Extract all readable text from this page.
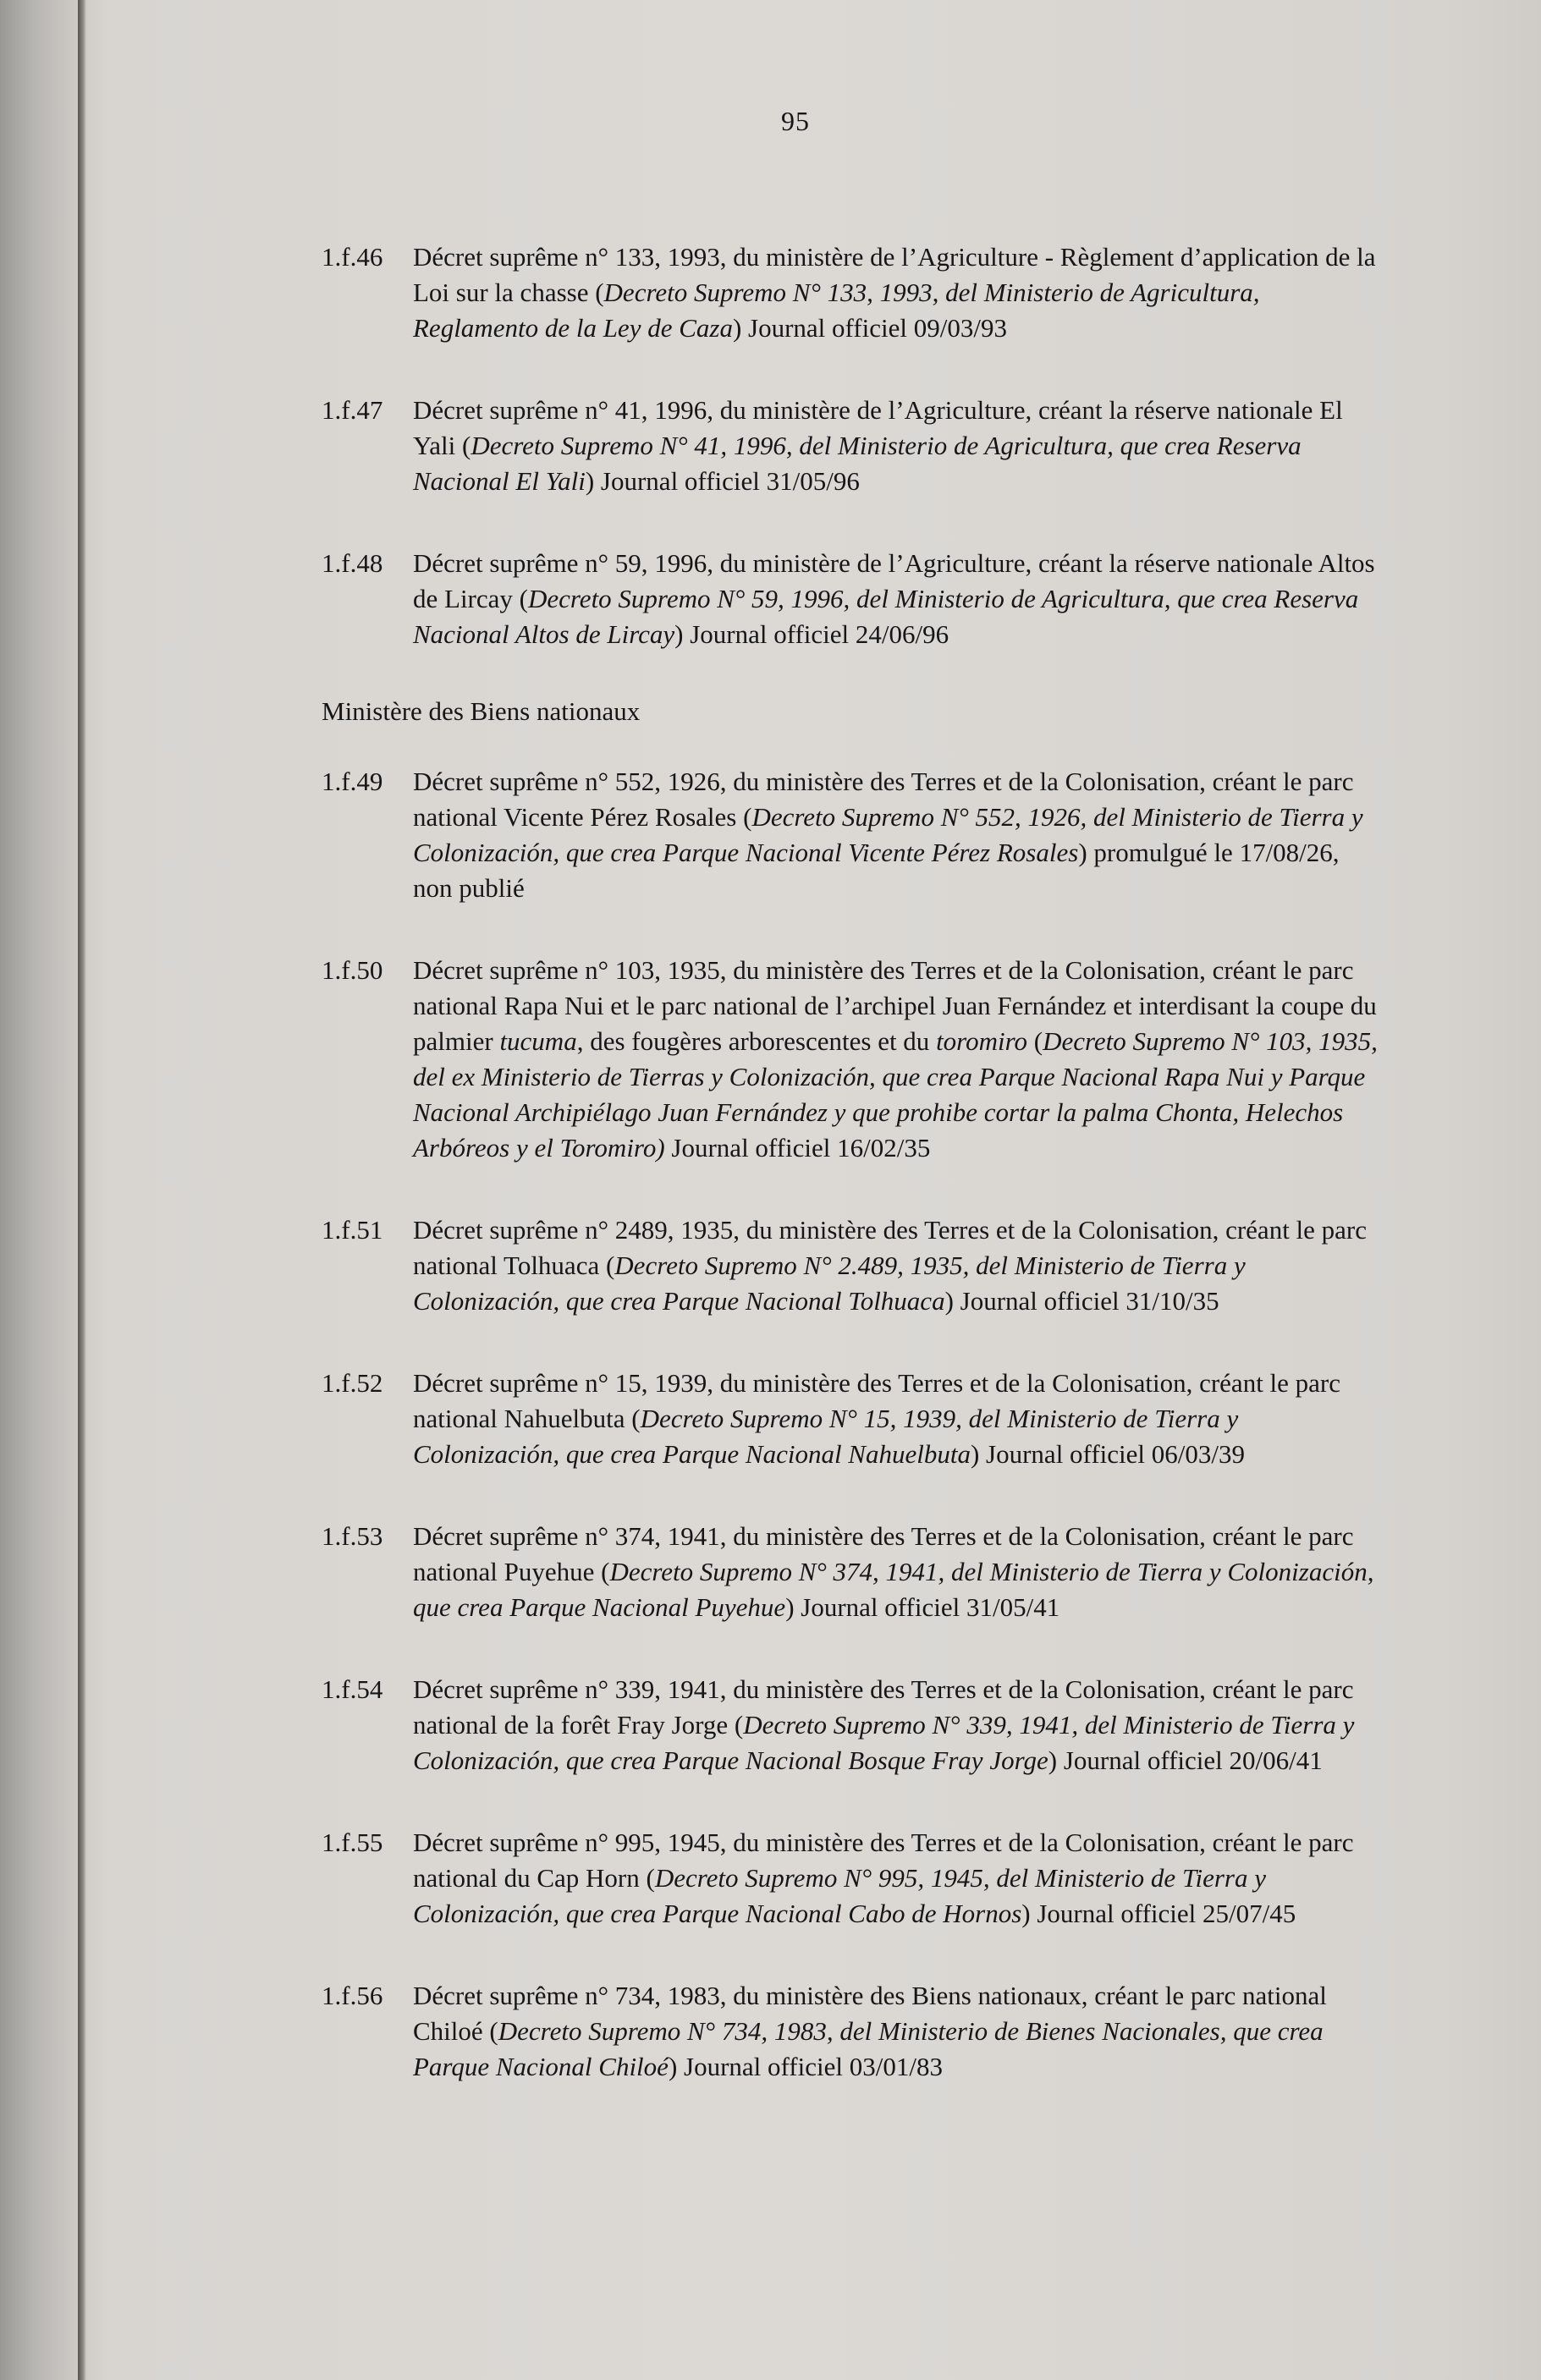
95
1.f.46	Décret suprême n° 133, 1993, du ministère de l’Agriculture - Règlement d’application de la Loi sur la chasse (Decreto Supremo N° 133, 1993, del Ministerio de Agricultura, Reglamento de la Ley de Caza) Journal officiel 09/03/93
1.f.47	Décret suprême n° 41, 1996, du ministère de l’Agriculture, créant la réserve nationale El Yali (Decreto Supremo N° 41, 1996, del Ministerio de Agricultura, que crea Reserva Nacional El Yali) Journal officiel 31/05/96
1.f.48	Décret suprême n° 59, 1996, du ministère de l’Agriculture, créant la réserve nationale Altos de Lircay (Decreto Supremo N° 59, 1996, del Ministerio de Agricultura, que crea Reserva Nacional Altos de Lircay) Journal officiel 24/06/96
Ministère des Biens nationaux
1.f.49	Décret suprême n° 552, 1926, du ministère des Terres et de la Colonisation, créant le parc national Vicente Pérez Rosales (Decreto Supremo N° 552, 1926, del Ministerio de Tierra y Colonización, que crea Parque Nacional Vicente Pérez Rosales) promulgué le 17/08/26, non publié
1.f.50	Décret suprême n° 103, 1935, du ministère des Terres et de la Colonisation, créant le parc national Rapa Nui et le parc national de l’archipel Juan Fernández et interdisant la coupe du palmier tucuma, des fougères arborescentes et du toromiro (Decreto Supremo N° 103, 1935, del ex Ministerio de Tierras y Colonización, que crea Parque Nacional Rapa Nui y Parque Nacional Archipiélago Juan Fernández y que prohibe cortar la palma Chonta, Helechos Arbóreos y el Toromiro) Journal officiel 16/02/35
1.f.51	Décret suprême n° 2489, 1935, du ministère des Terres et de la Colonisation, créant le parc national Tolhuaca (Decreto Supremo N° 2.489, 1935, del Ministerio de Tierra y Colonización, que crea Parque Nacional Tolhuaca) Journal officiel 31/10/35
1.f.52	Décret suprême n° 15, 1939, du ministère des Terres et de la Colonisation, créant le parc national Nahuelbuta (Decreto Supremo N° 15, 1939, del Ministerio de Tierra y Colonización, que crea Parque Nacional Nahuelbuta) Journal officiel 06/03/39
1.f.53	Décret suprême n° 374, 1941, du ministère des Terres et de la Colonisation, créant le parc national Puyehue (Decreto Supremo N° 374, 1941, del Ministerio de Tierra y Colonización, que crea Parque Nacional Puyehue) Journal officiel 31/05/41
1.f.54	Décret suprême n° 339, 1941, du ministère des Terres et de la Colonisation, créant le parc national de la forêt Fray Jorge (Decreto Supremo N° 339, 1941, del Ministerio de Tierra y Colonización, que crea Parque Nacional Bosque Fray Jorge) Journal officiel 20/06/41
1.f.55	Décret suprême n° 995, 1945, du ministère des Terres et de la Colonisation, créant le parc national du Cap Horn (Decreto Supremo N° 995, 1945, del Ministerio de Tierra y Colonización, que crea Parque Nacional Cabo de Hornos) Journal officiel 25/07/45
1.f.56	Décret suprême n° 734, 1983, du ministère des Biens nationaux, créant le parc national Chiloé (Decreto Supremo N° 734, 1983, del Ministerio de Bienes Nacionales, que crea Parque Nacional Chiloé) Journal officiel 03/01/83
